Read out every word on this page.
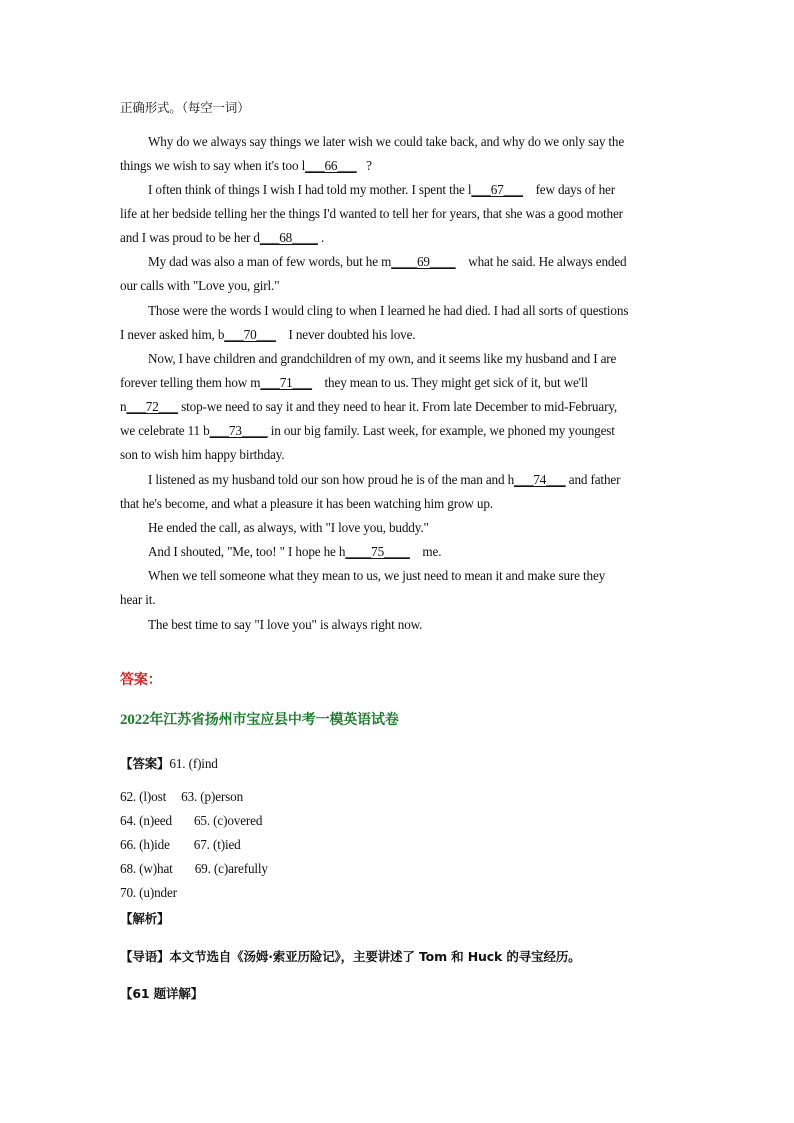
正确形式。（每空一词）
Why do we always say things we later wish we could take back, and why do we only say the
things we wish to say when it's too l___66___ ?
I often think of things I wish I had told my mother. I spent the l___67___ few days of her
life at her bedside telling her the things I'd wanted to tell her for years, that she was a good mother
and I was proud to be her d___68____ .
My dad was also a man of few words, but he m____69____ what he said. He always ended
our calls with "Love you, girl."
Those were the words I would cling to when I learned he had died. I had all sorts of questions
I never asked him, b___70___ I never doubted his love.
Now, I have children and grandchildren of my own, and it seems like my husband and I are
forever telling them how m___71___ they mean to us. They might get sick of it, but we'll
n___72___ stop-we need to say it and they need to hear it. From late December to mid-February,
we celebrate 11 b___73____ in our big family. Last week, for example, we phoned my youngest
son to wish him happy birthday.
I listened as my husband told our son how proud he is of the man and h___74___ and father
that he's become, and what a pleasure it has been watching him grow up.
He ended the call, as always, with "I love you, buddy."
And I shouted, "Me, too! " I hope he h____75____ me.
When we tell someone what they mean to us, we just need to mean it and make sure they
hear it.
The best time to say "I love you" is always right now.
答案：
2022年江苏省扬州市宝应县中考一模英语试卷
【答案】61. (f)ind
62. (l)ost 63. (p)erson
64. (n)eed 65. (c)overed
66. (h)ide 67. (t)ied
68. (w)hat 69. (c)arefully
70. (u)nder
【解析】
【导语】本文节选自《汤姆·索亚历险记》，主要讲述了 Tom 和 Huck 的寻宝经历。
【61 题详解】
